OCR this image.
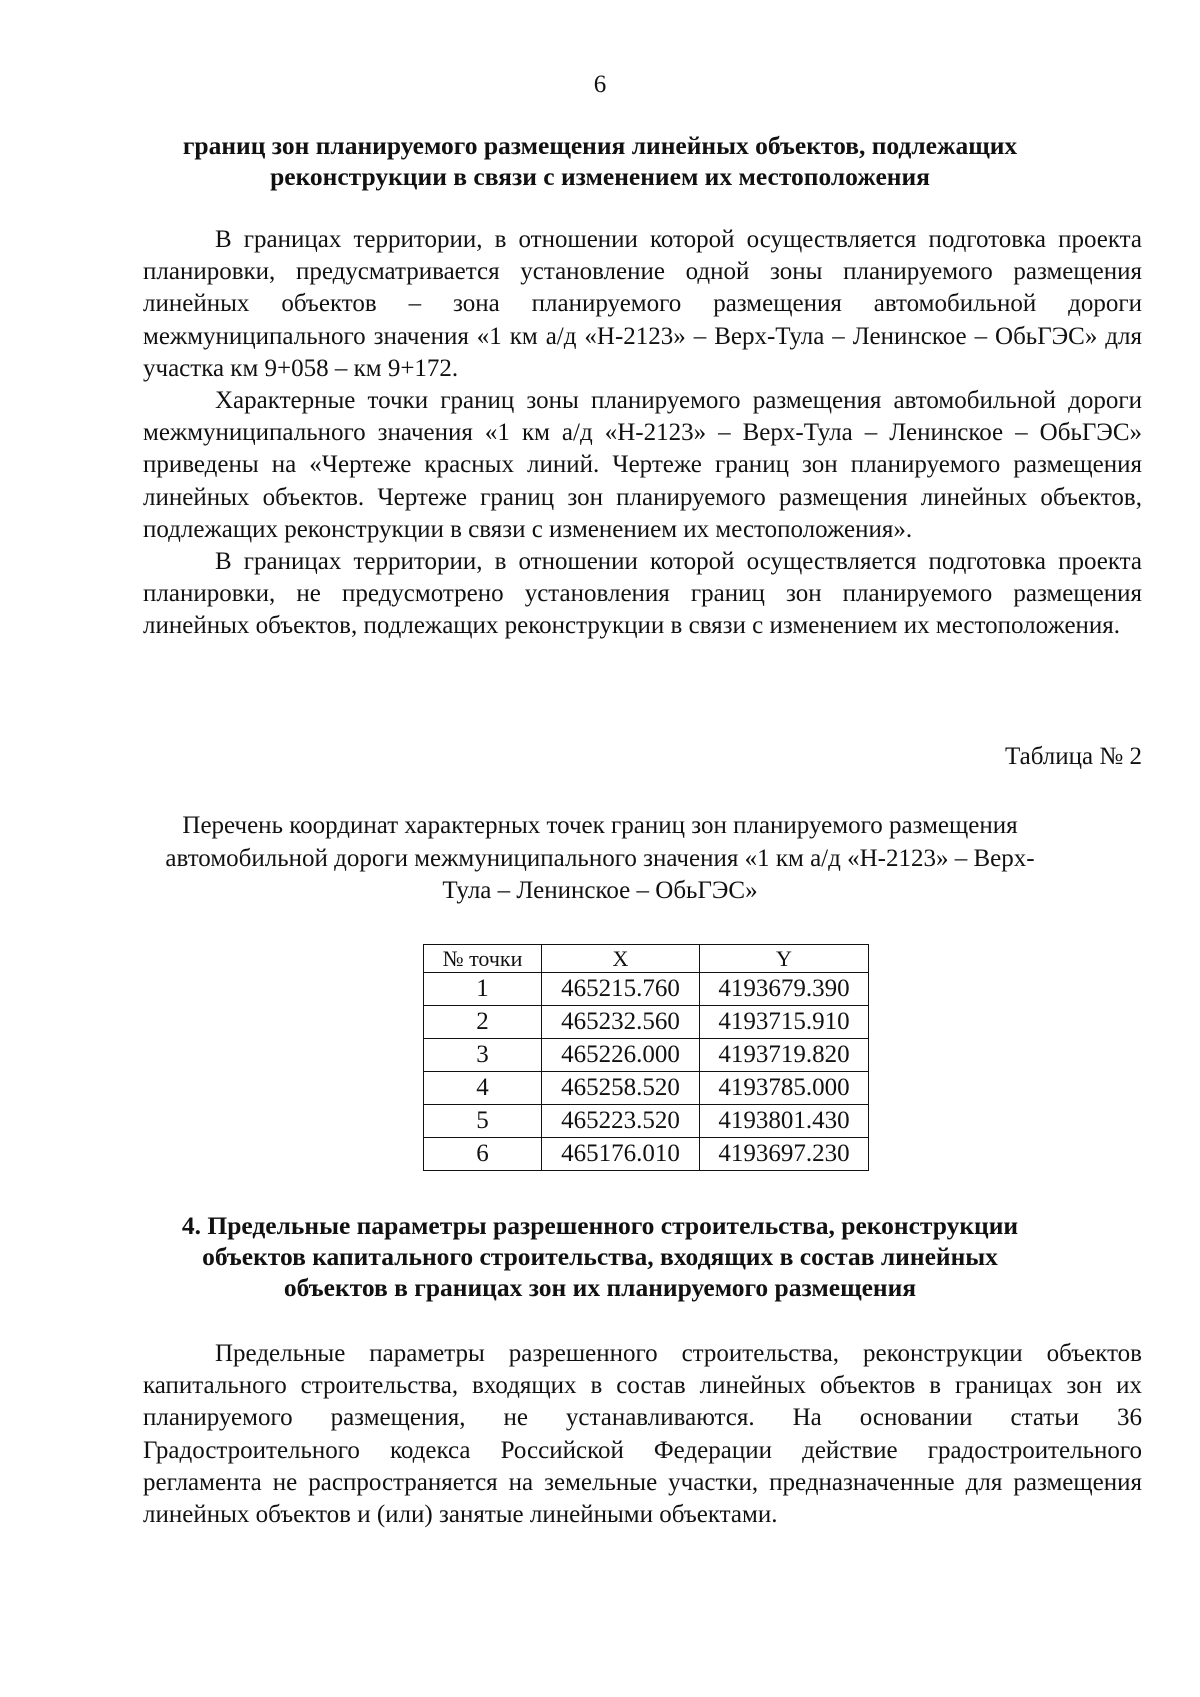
6
границ зон планируемого размещения линейных объектов, подлежащих
реконструкции в связи с изменением их местоположения

В границах территории, в отношении которой осуществляется подготовка проекта планировки, предусматривается установление одной зоны планируемого размещения линейных объектов – зона планируемого размещения автомобильной дороги межмуниципального значения «1 км а/д «Н-2123» – Верх-Тула – Ленинское – ОбьГЭС» для участка км 9+058 – км 9+172.

Характерные точки границ зоны планируемого размещения автомобильной дороги межмуниципального значения «1 км а/д «Н-2123» – Верх-Тула – Ленинское – ОбьГЭС» приведены на «Чертеже красных линий. Чертеже границ зон планируемого размещения линейных объектов. Чертеже границ зон планируемого размещения линейных объектов, подлежащих реконструкции в связи с изменением их местоположения».

В границах территории, в отношении которой осуществляется подготовка проекта планировки, не предусмотрено установления границ зон планируемого размещения линейных объектов, подлежащих реконструкции в связи с изменением их местоположения.

Таблица № 2
Перечень координат характерных точек границ зон планируемого размещения
автомобильной дороги межмуниципального значения «1 км а/д «Н-2123» – Верх-
Тула – Ленинское – ОбьГЭС»
№ точки	X	Y
1	465215.760	4193679.390
2	465232.560	4193715.910
3	465226.000	4193719.820
4	465258.520	4193785.000
5	465223.520	4193801.430
6	465176.010	4193697.230
4. Предельные параметры разрешенного строительства, реконструкции
объектов капитального строительства, входящих в состав линейных
объектов в границах зон их планируемого размещения

Предельные параметры разрешенного строительства, реконструкции объектов капитального строительства, входящих в состав линейных объектов в границах зон их планируемого размещения, не устанавливаются. На основании статьи 36 Градостроительного кодекса Российской Федерации действие градостроительного регламента не распространяется на земельные участки, предназначенные для размещения линейных объектов и (или) занятые линейными объектами.
